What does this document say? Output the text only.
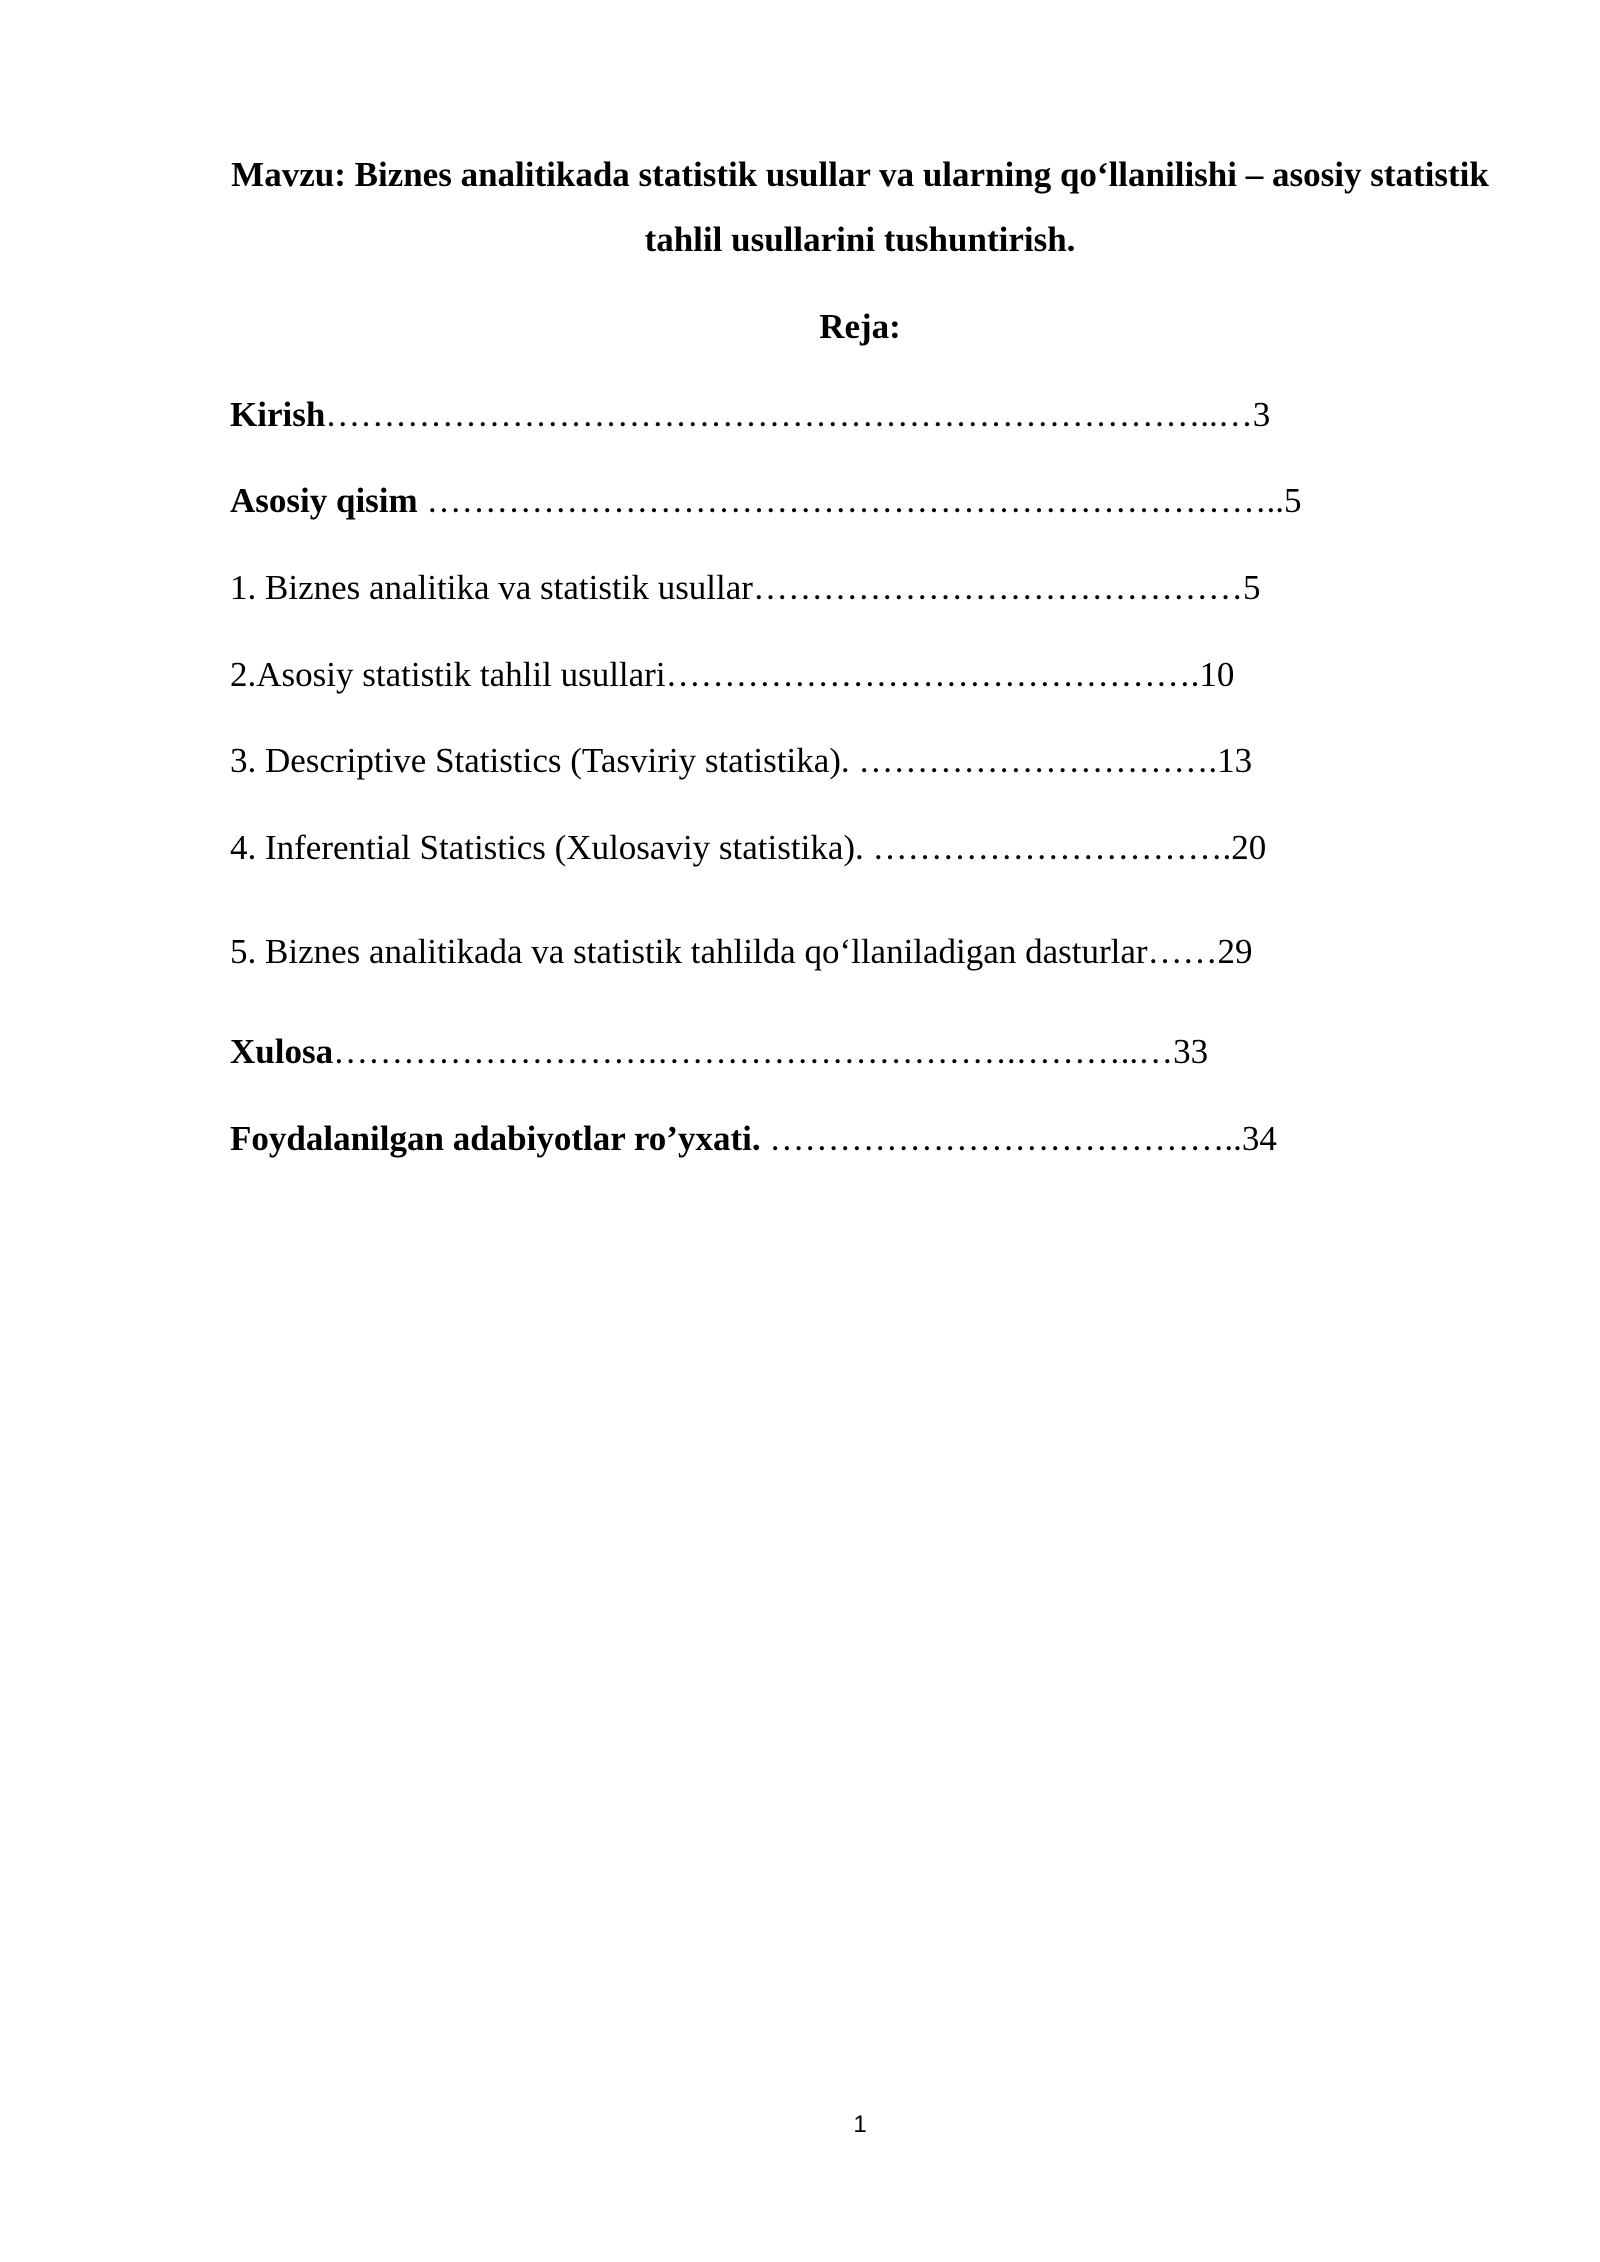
Mavzu: Biznes analitikada statistik usullar va ularning qo‘llanilishi – asosiy statistik tahlil usullarini tushuntirish.
Reja:
Kirish…………………………………………………………………..…3
Asosiy qisim ………………………………………………………………..5
1. Biznes analitika va statistik usullar……………………………………5
2.Asosiy statistik tahlil usullari……………………………………….10
3. Descriptive Statistics (Tasviriy statistika). ………………………….13
4. Inferential Statistics (Xulosaviy statistika). ………………………….20
5. Biznes analitikada va statistik tahlilda qo‘llaniladigan dasturlar……29
Xulosa……………………….………………………….………..…33
Foydalanilgan adabiyotlar ro’yxati. …………………………………..34
1
